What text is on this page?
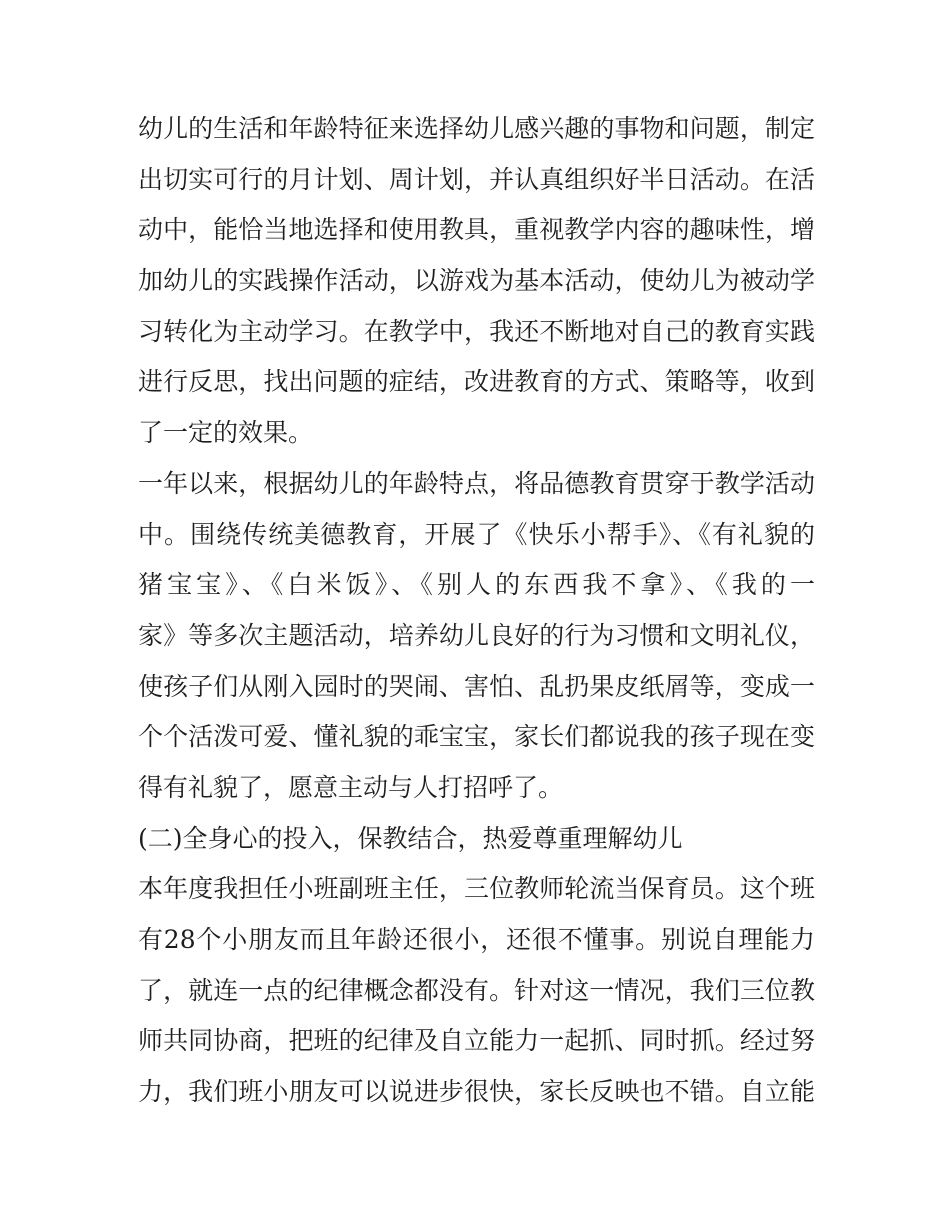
幼儿的生活和年龄特征来选择幼儿感兴趣的事物和问题，制定
出切实可行的月计划、周计划，并认真组织好半日活动。在活
动中，能恰当地选择和使用教具，重视教学内容的趣味性，增
加幼儿的实践操作活动，以游戏为基本活动，使幼儿为被动学
习转化为主动学习。在教学中，我还不断地对自己的教育实践
进行反思，找出问题的症结，改进教育的方式、策略等，收到
了一定的效果。
一年以来，根据幼儿的年龄特点，将品德教育贯穿于教学活动
中。围绕传统美德教育，开展了《快乐小帮手》、《有礼貌的
猪宝宝》、《白米饭》、《别人的东西我不拿》、《我的一
家》等多次主题活动，培养幼儿良好的行为习惯和文明礼仪，
使孩子们从刚入园时的哭闹、害怕、乱扔果皮纸屑等，变成一
个个活泼可爱、懂礼貌的乖宝宝，家长们都说我的孩子现在变
得有礼貌了，愿意主动与人打招呼了。
(二)全身心的投入，保教结合，热爱尊重理解幼儿
本年度我担任小班副班主任，三位教师轮流当保育员。这个班
有28个小朋友而且年龄还很小，还很不懂事。别说自理能力
了，就连一点的纪律概念都没有。针对这一情况，我们三位教
师共同协商，把班的纪律及自立能力一起抓、同时抓。经过努
力，我们班小朋友可以说进步很快，家长反映也不错。自立能
